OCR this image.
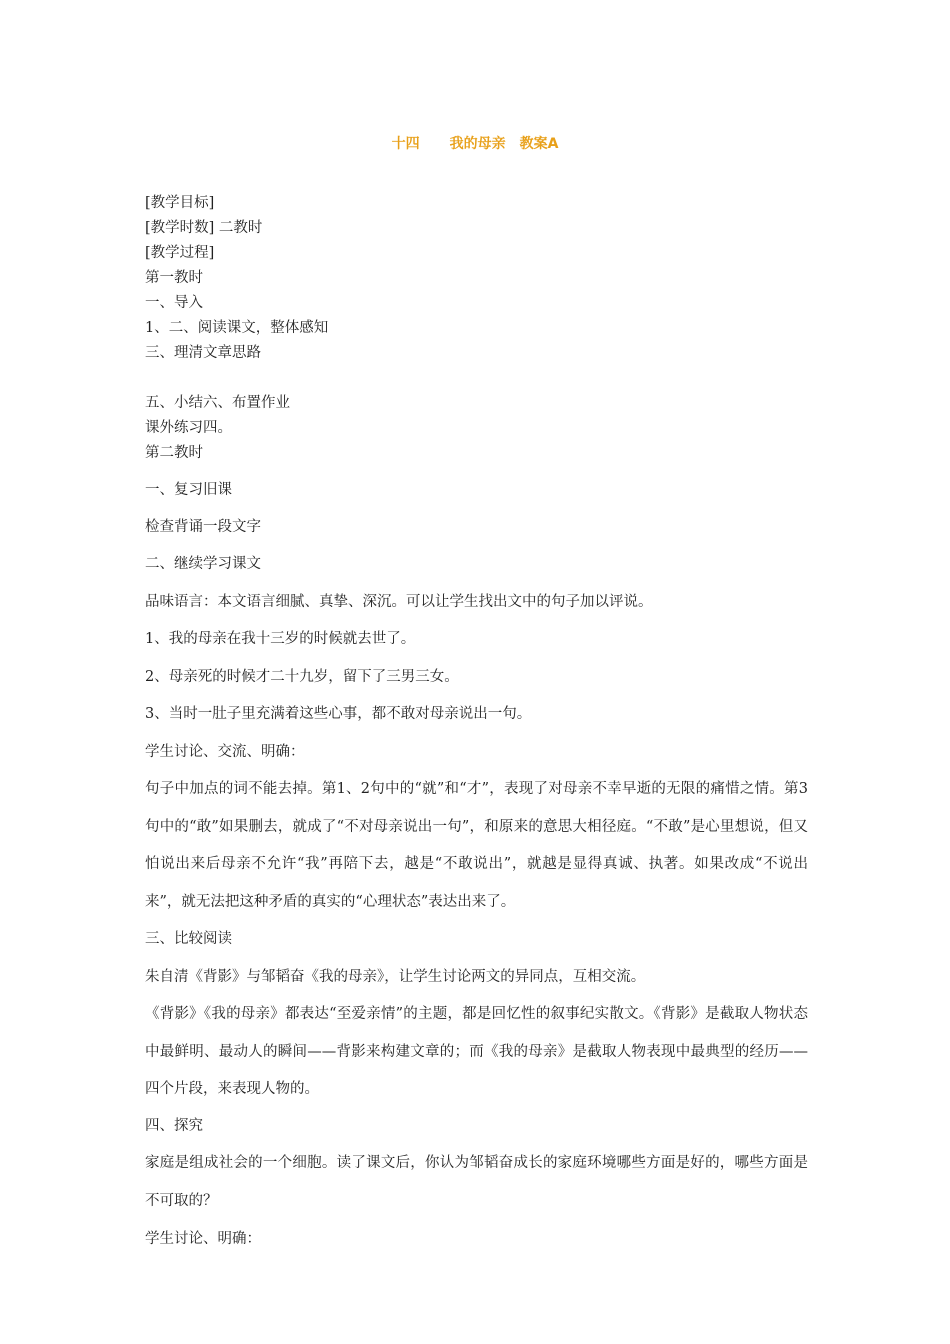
十四 我的母亲 教案A
[教学目标]
[教学时数] 二教时
[教学过程]
第一教时
一、导入
1、二、阅读课文，整体感知
三、理清文章思路
五、小结六、布置作业
课外练习四。
第二教时
一、复习旧课
检查背诵一段文字
二、继续学习课文
品味语言：本文语言细腻、真挚、深沉。可以让学生找出文中的句子加以评说。
1、我的母亲在我十三岁的时候就去世了。
2、母亲死的时候才二十九岁，留下了三男三女。
3、当时一肚子里充满着这些心事，都不敢对母亲说出一句。
学生讨论、交流、明确：
句子中加点的词不能去掉。第1、2句中的“就”和“才”，表现了对母亲不幸早逝的无限的痛惜之情。第3句中的“敢”如果删去，就成了“不对母亲说出一句”，和原来的意思大相径庭。“不敢”是心里想说，但又怕说出来后母亲不允许“我”再陪下去，越是“不敢说出”，就越是显得真诚、执著。如果改成“不说出来”，就无法把这种矛盾的真实的“心理状态”表达出来了。
三、比较阅读
朱自清《背影》与邹韬奋《我的母亲》，让学生讨论两文的异同点，互相交流。
《背影》《我的母亲》都表达“至爱亲情”的主题，都是回忆性的叙事纪实散文。《背影》是截取人物状态中最鲜明、最动人的瞬间——背影来构建文章的；而《我的母亲》是截取人物表现中最典型的经历——四个片段，来表现人物的。
四、探究
家庭是组成社会的一个细胞。读了课文后，你认为邹韬奋成长的家庭环境哪些方面是好的，哪些方面是不可取的？
学生讨论、明确：
